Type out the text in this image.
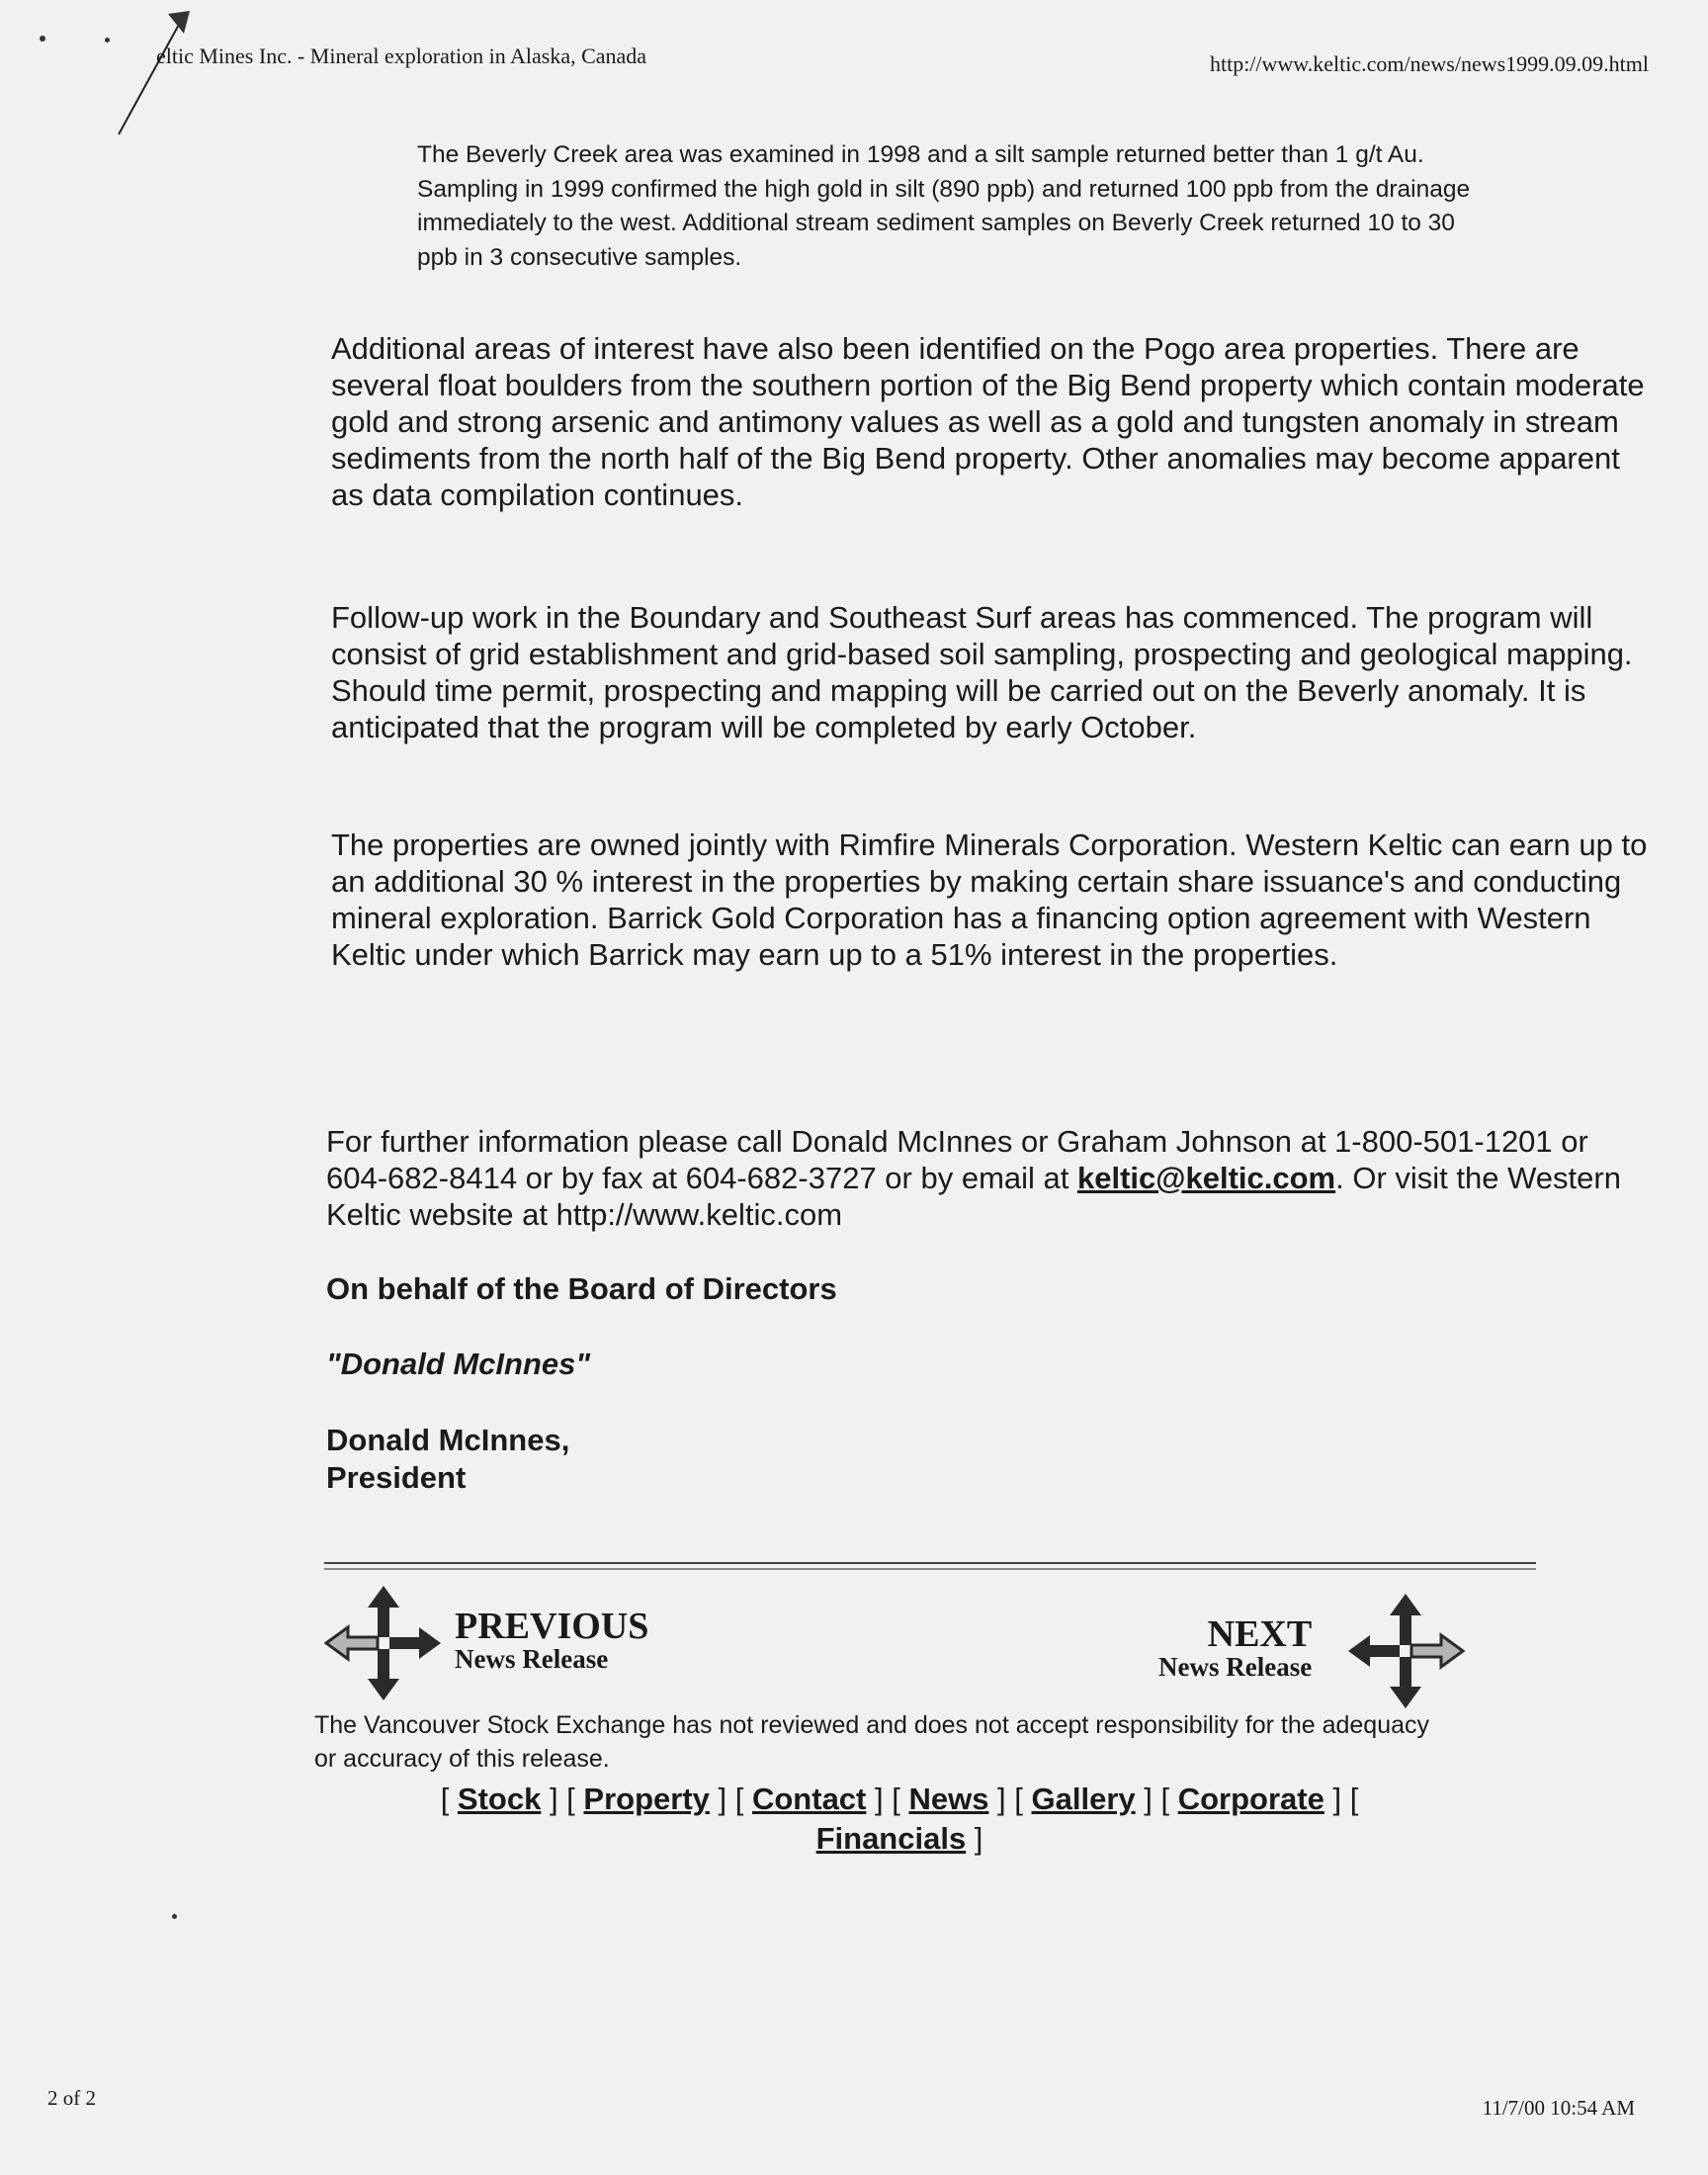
eltic Mines Inc. - Mineral exploration in Alaska, Canada	http://www.keltic.com/news/news1999.09.09.html
The Beverly Creek area was examined in 1998 and a silt sample returned better than 1 g/t Au. Sampling in 1999 confirmed the high gold in silt (890 ppb) and returned 100 ppb from the drainage immediately to the west. Additional stream sediment samples on Beverly Creek returned 10 to 30 ppb in 3 consecutive samples.
Additional areas of interest have also been identified on the Pogo area properties. There are several float boulders from the southern portion of the Big Bend property which contain moderate gold and strong arsenic and antimony values as well as a gold and tungsten anomaly in stream sediments from the north half of the Big Bend property. Other anomalies may become apparent as data compilation continues.
Follow-up work in the Boundary and Southeast Surf areas has commenced. The program will consist of grid establishment and grid-based soil sampling, prospecting and geological mapping. Should time permit, prospecting and mapping will be carried out on the Beverly anomaly. It is anticipated that the program will be completed by early October.
The properties are owned jointly with Rimfire Minerals Corporation. Western Keltic can earn up to an additional 30 % interest in the properties by making certain share issuance's and conducting mineral exploration. Barrick Gold Corporation has a financing option agreement with Western Keltic under which Barrick may earn up to a 51% interest in the properties.
For further information please call Donald McInnes or Graham Johnson at 1-800-501-1201 or 604-682-8414 or by fax at 604-682-3727 or by email at keltic@keltic.com. Or visit the Western Keltic website at http://www.keltic.com
On behalf of the Board of Directors
"Donald McInnes"
Donald McInnes,
President
PREVIOUS
News Release
NEXT
News Release
The Vancouver Stock Exchange has not reviewed and does not accept responsibility for the adequacy or accuracy of this release.
[ Stock ] [ Property ] [ Contact ] [ News ] [ Gallery ] [ Corporate ] [ Financials ]
2 of 2	11/7/00 10:54 AM
